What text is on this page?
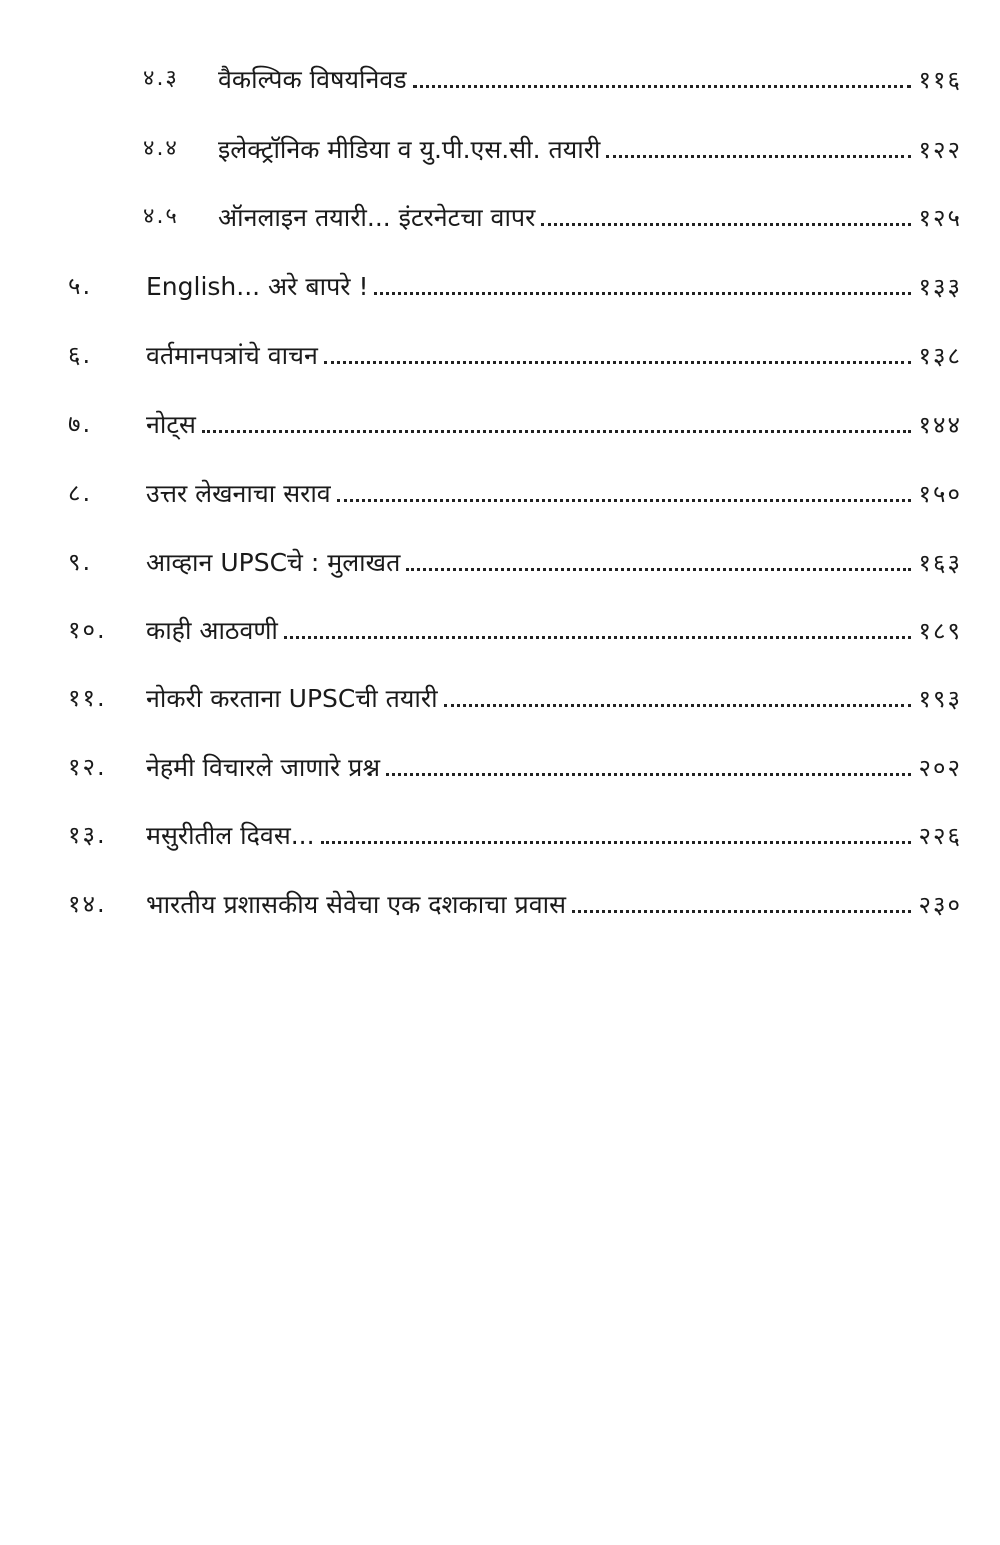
४.३ वैकल्पिक विषयनिवड	११६
४.४ इलेक्ट्रॉनिक मीडिया व यु.पी.एस.सी. तयारी	१२२
४.५ ऑनलाइन तयारी... इंटरनेटचा वापर	१२५
५. English... अरे बापरे !	१३३
६. वर्तमानपत्रांचे वाचन	१३८
७. नोट्स	१४४
८. उत्तर लेखनाचा सराव	१५०
९. आव्हान UPSCचे : मुलाखत	१६३
१०. काही आठवणी	१८९
११. नोकरी करताना UPSCची तयारी	१९३
१२. नेहमी विचारले जाणारे प्रश्न	२०२
१३. मसुरीतील दिवस...	२२६
१४. भारतीय प्रशासकीय सेवेचा एक दशकाचा प्रवास	२३०
